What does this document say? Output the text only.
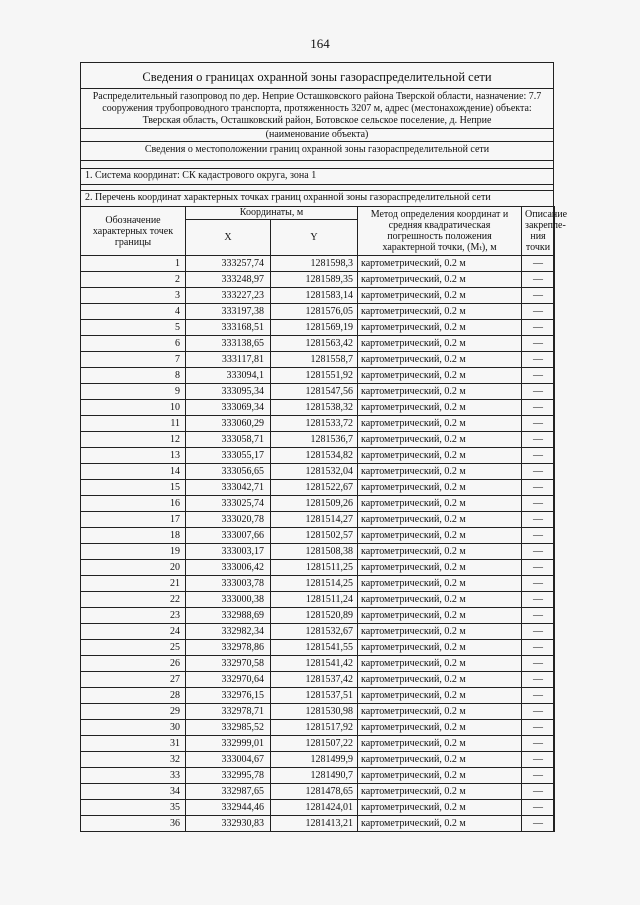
164
Сведения о границах охранной зоны газораспределительной сети
Распределительный газопровод по дер. Неприе Осташковского района Тверской области, назначение: 7.7 сооружения трубопроводного транспорта, протяженность 3207 м, адрес (местонахождение) объекта: Тверская область, Осташковский район, Ботовское сельское поселение, д. Неприе
(наименование объекта)
Сведения о местоположении границ охранной зоны газораспределительной сети
1. Система координат: СК кадастрового округа, зона 1
2. Перечень координат характерных точках границ охранной зоны газораспределительной сети
Обозначение характерных точек границы	Координаты, м		Метод определения координат и средняя квадратическая погрешность положения характерной точки, (Mₜ), м	Описание закрепле-ния точки
	X	Y		
1	333257,74	1281598,3	картометрический, 0.2 м	—
2	333248,97	1281589,35	картометрический, 0.2 м	—
3	333227,23	1281583,14	картометрический, 0.2 м	—
4	333197,38	1281576,05	картометрический, 0.2 м	—
5	333168,51	1281569,19	картометрический, 0.2 м	—
6	333138,65	1281563,42	картометрический, 0.2 м	—
7	333117,81	1281558,7	картометрический, 0.2 м	—
8	333094,1	1281551,92	картометрический, 0.2 м	—
9	333095,34	1281547,56	картометрический, 0.2 м	—
10	333069,34	1281538,32	картометрический, 0.2 м	—
11	333060,29	1281533,72	картометрический, 0.2 м	—
12	333058,71	1281536,7	картометрический, 0.2 м	—
13	333055,17	1281534,82	картометрический, 0.2 м	—
14	333056,65	1281532,04	картометрический, 0.2 м	—
15	333042,71	1281522,67	картометрический, 0.2 м	—
16	333025,74	1281509,26	картометрический, 0.2 м	—
17	333020,78	1281514,27	картометрический, 0.2 м	—
18	333007,66	1281502,57	картометрический, 0.2 м	—
19	333003,17	1281508,38	картометрический, 0.2 м	—
20	333006,42	1281511,25	картометрический, 0.2 м	—
21	333003,78	1281514,25	картометрический, 0.2 м	—
22	333000,38	1281511,24	картометрический, 0.2 м	—
23	332988,69	1281520,89	картометрический, 0.2 м	—
24	332982,34	1281532,67	картометрический, 0.2 м	—
25	332978,86	1281541,55	картометрический, 0.2 м	—
26	332970,58	1281541,42	картометрический, 0.2 м	—
27	332970,64	1281537,42	картометрический, 0.2 м	—
28	332976,15	1281537,51	картометрический, 0.2 м	—
29	332978,71	1281530,98	картометрический, 0.2 м	—
30	332985,52	1281517,92	картометрический, 0.2 м	—
31	332999,01	1281507,22	картометрический, 0.2 м	—
32	333004,67	1281499,9	картометрический, 0.2 м	—
33	332995,78	1281490,7	картометрический, 0.2 м	—
34	332987,65	1281478,65	картометрический, 0.2 м	—
35	332944,46	1281424,01	картометрический, 0.2 м	—
36	332930,83	1281413,21	картометрический, 0.2 м	—
